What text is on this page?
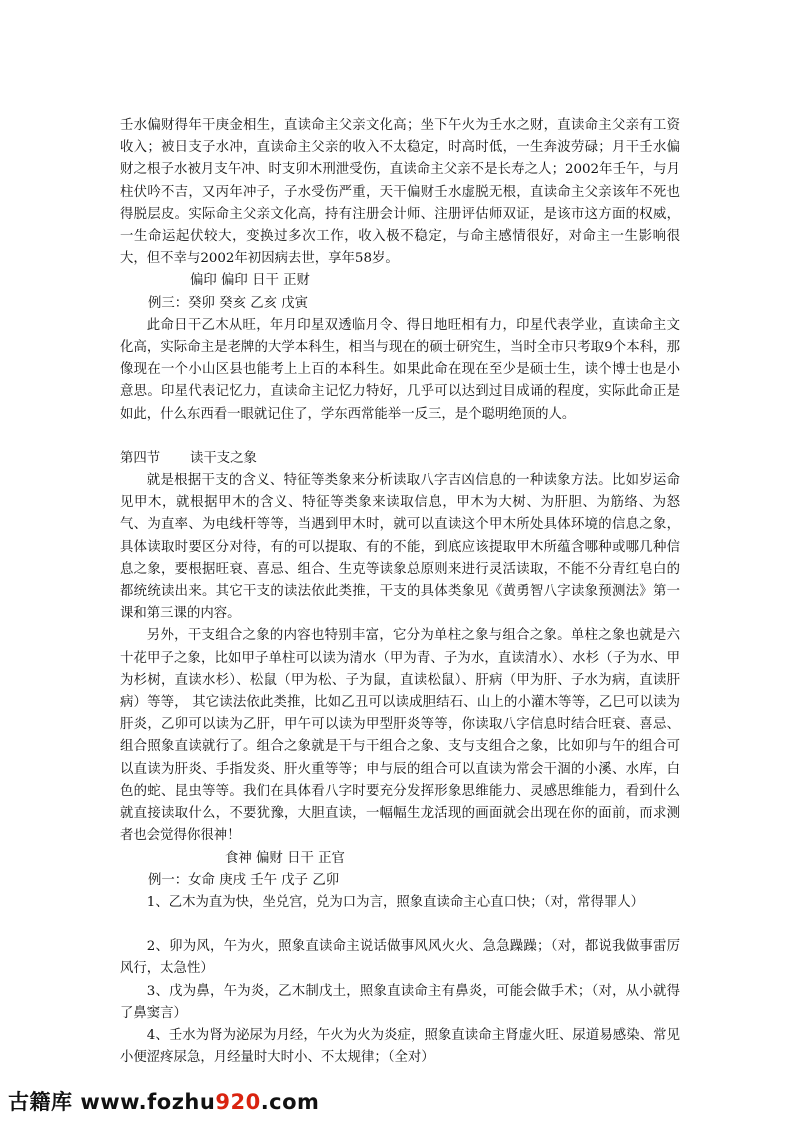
壬水偏财得年干庚金相生，直读命主父亲文化高；坐下午火为壬水之财，直读命主父亲有工资收入；被日支子水冲，直读命主父亲的收入不太稳定，时高时低，一生奔波劳碌；月干壬水偏财之根子水被月支午冲、时支卯木刑泄受伤，直读命主父亲不是长寿之人；2002年壬午，与月柱伏吟不吉，又丙年冲子，子水受伤严重，天干偏财壬水虚脱无根，直读命主父亲该年不死也得脱层皮。实际命主父亲文化高，持有注册会计师、注册评估师双证，是该市这方面的权威，一生命运起伏较大，变换过多次工作，收入极不稳定，与命主感情很好，对命主一生影响很大，但不幸与2002年初因病去世，享年58岁。

偏印 偏印 日干 正财

例三：癸卯 癸亥 乙亥 戊寅

此命日干乙木从旺，年月印星双透临月令、得日地旺相有力，印星代表学业，直读命主文化高，实际命主是老牌的大学本科生，相当与现在的硕士研究生，当时全市只考取9个本科，那像现在一个小山区县也能考上上百的本科生。如果此命在现在至少是硕士生，读个博士也是小意思。印星代表记忆力，直读命主记忆力特好，几乎可以达到过目成诵的程度，实际此命正是如此，什么东西看一眼就记住了，学东西常能举一反三，是个聪明绝顶的人。

第四节 读干支之象

就是根据干支的含义、特征等类象来分析读取八字吉凶信息的一种读象方法。比如岁运命见甲木，就根据甲木的含义、特征等类象来读取信息，甲木为大树、为肝胆、为筋络、为怒气、为直率、为电线杆等等，当遇到甲木时，就可以直读这个甲木所处具体环境的信息之象，具体读取时要区分对待，有的可以提取、有的不能，到底应该提取甲木所蕴含哪种或哪几种信息之象，要根据旺衰、喜忌、组合、生克等读象总原则来进行灵活读取，不能不分青红皂白的都统统读出来。其它干支的读法依此类推，干支的具体类象见《黄勇智八字读象预测法》第一课和第三课的内容。

另外，干支组合之象的内容也特别丰富，它分为单柱之象与组合之象。单柱之象也就是六十花甲子之象，比如甲子单柱可以读为清水（甲为青、子为水，直读清水）、水杉（子为水、甲为杉树，直读水杉）、松鼠（甲为松、子为鼠，直读松鼠）、肝病（甲为肝、子水为病，直读肝病）等等， 其它读法依此类推，比如乙丑可以读成胆结石、山上的小灌木等等，乙巳可以读为肝炎，乙卯可以读为乙肝，甲午可以读为甲型肝炎等等，你读取八字信息时结合旺衰、喜忌、组合照象直读就行了。组合之象就是干与干组合之象、支与支组合之象，比如卯与午的组合可以直读为肝炎、手指发炎、肝火重等等；申与辰的组合可以直读为常会干涸的小溪、水库，白色的蛇、昆虫等等。我们在具体看八字时要充分发挥形象思维能力、灵感思维能力，看到什么就直接读取什么，不要犹豫，大胆直读，一幅幅生龙活现的画面就会出现在你的面前，而求测者也会觉得你很神！

食神 偏财 日干 正官

例一：女命 庚戌 壬午 戊子 乙卯

1、乙木为直为快，坐兑宫，兑为口为言，照象直读命主心直口快；（对，常得罪人）

2、卯为风，午为火，照象直读命主说话做事风风火火、急急躁躁；（对，都说我做事雷厉风行，太急性）

3、戊为鼻，午为炎，乙木制戊土，照象直读命主有鼻炎，可能会做手术；（对，从小就得了鼻窦言）

4、壬水为肾为泌尿为月经，午火为火为炎症，照象直读命主肾虚火旺、尿道易感染、常见小便涩疼尿急，月经量时大时小、不太规律；（全对）

古籍库 www.fozhu920.com
